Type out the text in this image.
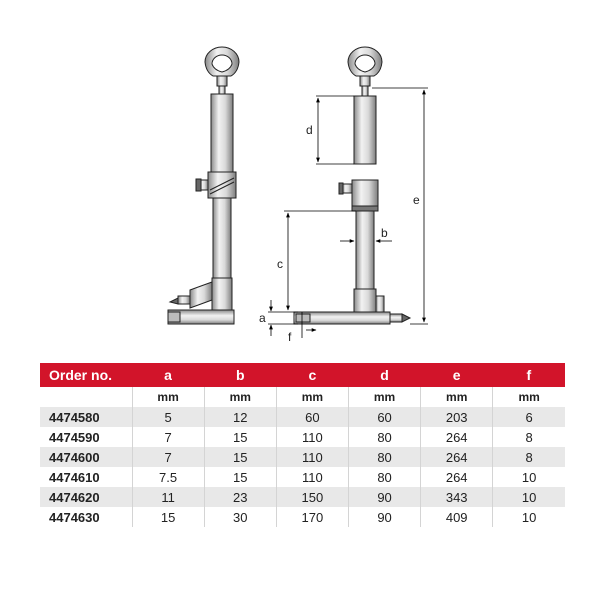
d
e
c
b
a
f
Order no.	a	b	c	d	e	f
	mm	mm	mm	mm	mm	mm
4474580	5	12	60	60	203	6
4474590	7	15	110	80	264	8
4474600	7	15	110	80	264	8
4474610	7.5	15	110	80	264	10
4474620	11	23	150	90	343	10
4474630	15	30	170	90	409	10
